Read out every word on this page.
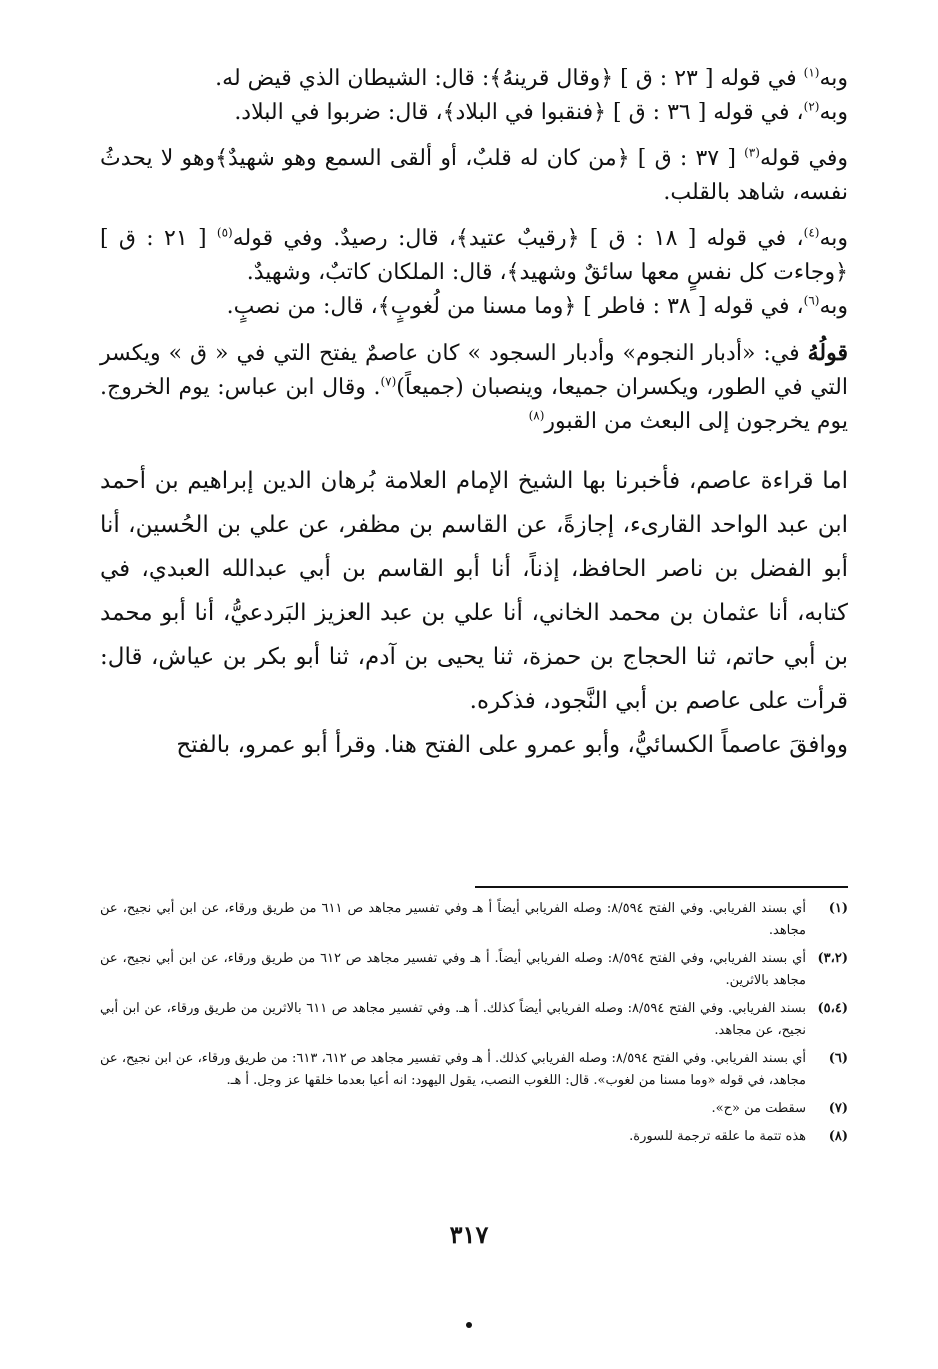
وبه$^{(١)}$ في قوله [ ٢٣ : ق ] ﴿وقال قرينهُ﴾: قال: الشيطان الذي قيض له.

وبه$^{(٢)}$، في قوله [ ٣٦ : ق ] ﴿فنقبوا في البلاد﴾، قال: ضربوا في البلاد.

وفي قوله$^{(٣)}$ [ ٣٧ : ق ] ﴿من كان له قلبٌ، أو ألقى السمع وهو شهيدٌ﴾وهو لا يحدثُ نفسه، شاهد بالقلب.

وبه$^{(٤)}$، في قوله [ ١٨ : ق ] ﴿رقيبٌ عتيد﴾، قال: رصيدٌ. وفي قوله$^{(٥)}$ [ ٢١ : ق ] ﴿وجاءت كل نفسٍ معها سائقٌ وشهيد﴾، قال: الملكان كاتبٌ، وشهيدٌ.

وبه$^{(٦)}$، في قوله [ ٣٨ : فاطر ] ﴿وما مسنا من لُغوبٍ﴾، قال: من نصبٍ.

قولُهُ في: «أدبار النجوم» وأدبار السجود » كان عاصمٌ يفتح التي في « ق » ويكسر التي في الطور، ويكسران جميعا، وينصبان (جميعاً)$^{(٧)}$. وقال ابن عباس: يوم الخروج. يوم يخرجون إلى البعث من القبور$^{(٨)}$

اما قراءة عاصم، فأخبرنا بها الشيخ الإمام العلامة بُرهان الدين إبراهيم بن أحمد ابن عبد الواحد القارىء، إجازةً، عن القاسم بن مظفر، عن علي بن الحُسين، أنا أبو الفضل بن ناصر الحافظ، إذناً، أنا أبو القاسم بن أبي عبدالله العبدي، في كتابه، أنا عثمان بن محمد الخاني، أنا علي بن عبد العزيز البَردعيُّ، أنا أبو محمد بن أبي حاتم، ثنا الحجاج بن حمزة، ثنا يحيى بن آدم، ثنا أبو بكر بن عياش، قال: قرأت على عاصم بن أبي النَّجود، فذكره.

ووافقَ عاصماً الكسائيُّ، وأبو عمرو على الفتح هنا. وقرأ أبو عمرو، بالفتح

(١)
أي بسند الفريابي. وفي الفتح ٨/٥٩٤: وصله الفريابي أيضاً أ هـ وفي تفسير مجاهد ص ٦١١ من طريق ورقاء، عن ابن أبي نجيح، عن مجاهد.
(٣،٢)
أي بسند الفريابي، وفي الفتح ٨/٥٩٤: وصله الفريابي أيضاً. أ هـ وفي تفسير مجاهد ص ٦١٢ من طريق ورقاء، عن ابن أبي نجيح، عن مجاهد بالاثرين.
(٥،٤)
بسند الفريابي. وفي الفتح ٨/٥٩٤: وصله الفريابي أيضاً كذلك. أ هـ. وفي تفسير مجاهد ص ٦١١ بالاثرين من طريق ورقاء، عن ابن أبي نجيح، عن مجاهد.
(٦)
أي بسند الفريابي. وفي الفتح ٨/٥٩٤: وصله الفريابي كذلك. أ هـ وفي تفسير مجاهد ص ٦١٢، ٦١٣: من طريق ورقاء، عن ابن نجيح، عن مجاهد، في قوله «وما مسنا من لغوب». قال: اللغوب النصب، يقول اليهود: انه أعيا بعدما خلقها عز وجل. أ هـ.
(٧)
سقطت من «ح».
(٨)
هذه تتمة ما علقه ترجمة للسورة.
٣١٧
